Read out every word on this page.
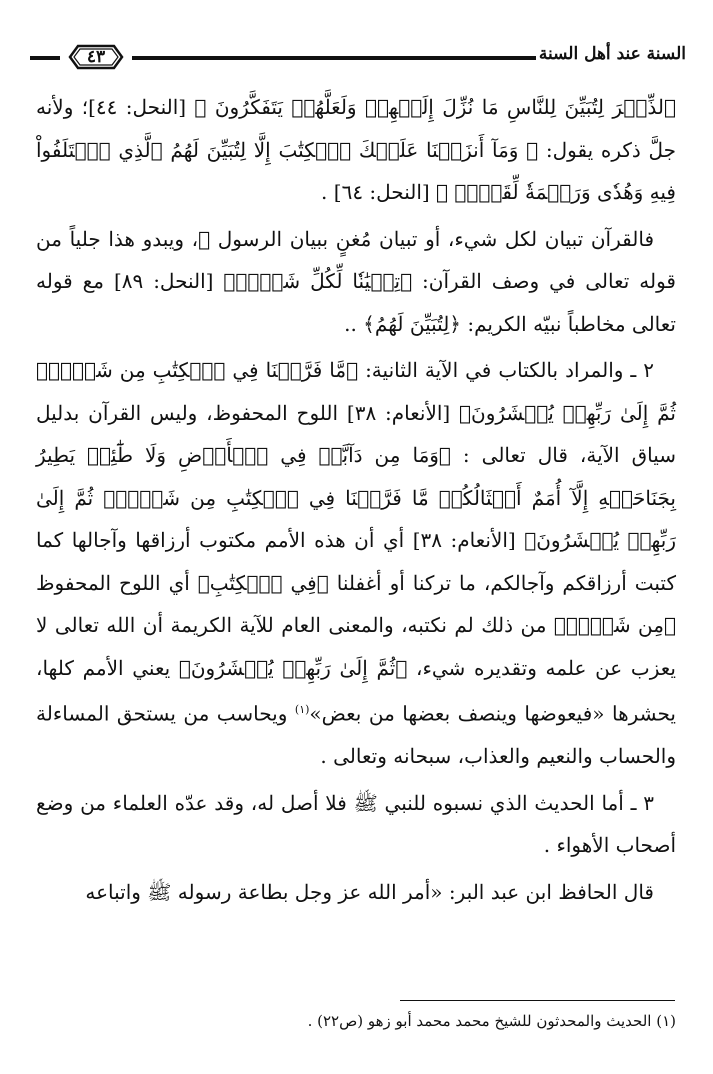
السنة عند أهل السنة
٤٣

ٱلذِّكۡرَ لِتُبَيِّنَ لِلنَّاسِ مَا نُزِّلَ إِلَيۡهِمۡ وَلَعَلَّهُمۡ يَتَفَكَّرُونَ ﴾ [النحل: ٤٤]؛ ولأنه جلَّ ذكره يقول: ﴿ وَمَآ أَنزَلۡنَا عَلَيۡكَ ٱلۡكِتَٰبَ إِلَّا لِتُبَيِّنَ لَهُمُ ٱلَّذِي ٱخۡتَلَفُواْ فِيهِ وَهُدٗى وَرَحۡمَةٗ لِّقَوۡمٖ ﴾ [النحل: ٦٤] .

فالقرآن تبيان لكل شيء، أو تبيان مُغنٍ ببيان الرسول ﷺ، ويبدو هذا جلياً من قوله تعالى في وصف القرآن: ﴿تِبۡيَٰنٗا لِّكُلِّ شَيۡءٖ﴾ [النحل: ٨٩] مع قوله تعالى مخاطباً نبيّه الكريم: ﴿لِتُبَيِّنَ لَهُمُ﴾ ..

٢ ـ والمراد بالكتاب في الآية الثانية: ﴿مَّا فَرَّطۡنَا فِي ٱلۡكِتَٰبِ مِن شَيۡءٖۚ ثُمَّ إِلَىٰ رَبِّهِمۡ يُحۡشَرُونَ﴾ [الأنعام: ٣٨] اللوح المحفوظ، وليس القرآن بدليل سياق الآية، قال تعالى : ﴿وَمَا مِن دَآبَّةٖ فِي ٱلۡأَرۡضِ وَلَا طَٰٓئِرٖ يَطِيرُ بِجَنَاحَيۡهِ إِلَّآ أُمَمٌ أَمۡثَالُكُمۚ مَّا فَرَّطۡنَا فِي ٱلۡكِتَٰبِ مِن شَيۡءٖۚ ثُمَّ إِلَىٰ رَبِّهِمۡ يُحۡشَرُونَ﴾ [الأنعام: ٣٨] أي أن هذه الأمم مكتوب أرزاقها وآجالها كما كتبت أرزاقكم وآجالكم، ما تركنا أو أغفلنا ﴿فِي ٱلۡكِتَٰبِ﴾ أي اللوح المحفوظ ﴿مِن شَيۡءٖ﴾ من ذلك لم نكتبه، والمعنى العام للآية الكريمة أن الله تعالى لا يعزب عن علمه وتقديره شيء، ﴿ثُمَّ إِلَىٰ رَبِّهِمۡ يُحۡشَرُونَ﴾ يعني الأمم كلها، يحشرها «فيعوضها وينصف بعضها من بعض»$^{(١)}$ ويحاسب من يستحق المساءلة والحساب والنعيم والعذاب، سبحانه وتعالى .

٣ ـ أما الحديث الذي نسبوه للنبي ﷺ فلا أصل له، وقد عدّه العلماء من وضع أصحاب الأهواء .

قال الحافظ ابن عبد البر: «أمر الله عز وجل بطاعة رسوله ﷺ واتباعه

(١) الحديث والمحدثون للشيخ محمد محمد أبو زهو (ص٢٢) .
